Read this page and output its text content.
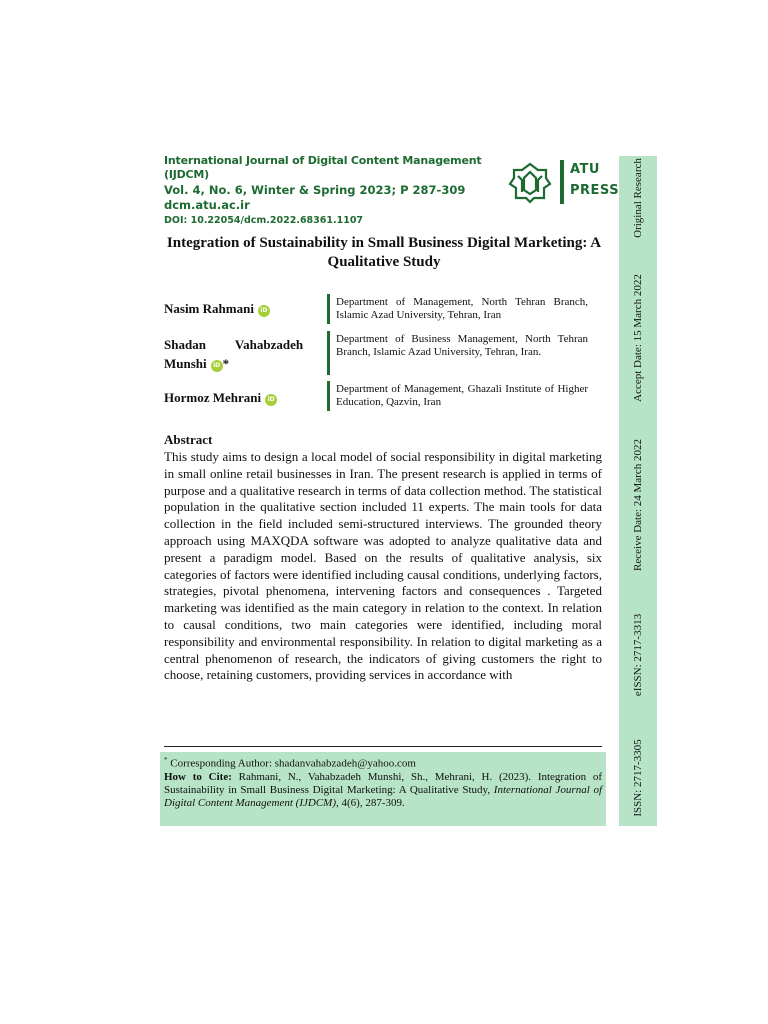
International Journal of Digital Content Management (IJDCM)
Vol. 4, No. 6, Winter & Spring 2023; P 287-309
dcm.atu.ac.ir
DOI: 10.22054/dcm.2022.68361.1107
ATU
PRESS Original Research
Accept Date: 15 March 2022
Receive Date: 24 March 2022
eISSN: 2717-3313
ISSN: 2717-3305
Integration of Sustainability in Small Business Digital Marketing: A Qualitative Study
Nasim Rahmani iD
Department of Management, North Tehran Branch, Islamic Azad University, Tehran, Iran
Shadan         Vahabzadeh
Munshi iD *
Department of Business Management, North Tehran Branch, Islamic Azad University, Tehran, Iran.
Hormoz Mehrani iD
Department of Management, Ghazali Institute of Higher Education, Qazvin, Iran
Abstract

This study aims to design a local model of social responsibility in digital marketing in small online retail businesses in Iran. The present research is applied in terms of purpose and a qualitative research in terms of data collection method. The statistical population in the qualitative section included 11 experts. The main tools for data collection in the field included semi-structured interviews. The grounded theory approach using MAXQDA software was adopted to analyze qualitative data and present a paradigm model. Based on the results of qualitative analysis, six categories of factors were identified including causal conditions, underlying factors, strategies, pivotal phenomena, intervening factors and consequences . Targeted marketing was identified as the main category in relation to the context. In relation to causal conditions, two main categories were identified, including moral responsibility and environmental responsibility. In relation to digital marketing as a central phenomenon of research, the indicators of giving customers the right to choose, retaining customers, providing services in accordance with

* Corresponding Author: shadanvahabzadeh@yahoo.com
How to Cite: Rahmani, N., Vahabzadeh Munshi, Sh., Mehrani, H. (2023). Integration of Sustainability in Small Business Digital Marketing: A Qualitative Study, International Journal of Digital Content Management (IJDCM), 4(6), 287-309.
